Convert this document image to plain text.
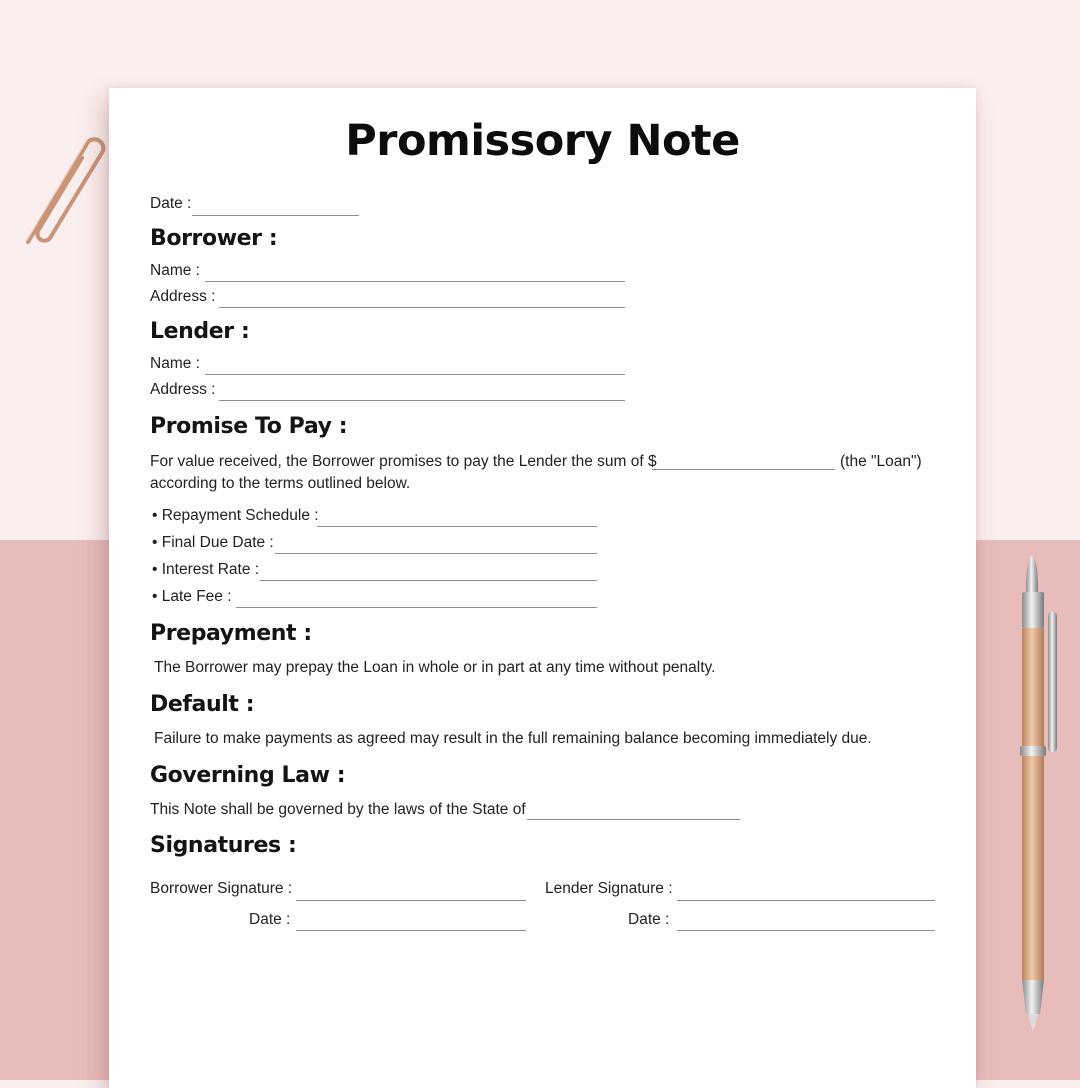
Promissory Note
Date :
Borrower :
Name :
Address :
Lender :
Name :
Address :
Promise To Pay :
For value received, the Borrower promises to pay the Lender the sum of $	(the "Loan")
according to the terms outlined below.
• Repayment Schedule :
• Final Due Date :
• Interest Rate :
• Late Fee :
Prepayment :
The Borrower may prepay the Loan in whole or in part at any time without penalty.
Default :
Failure to make payments as agreed may result in the full remaining balance becoming immediately due.
Governing Law :
This Note shall be governed by the laws of the State of
Signatures :
Borrower Signature :	Lender Signature :
Date :	Date :
